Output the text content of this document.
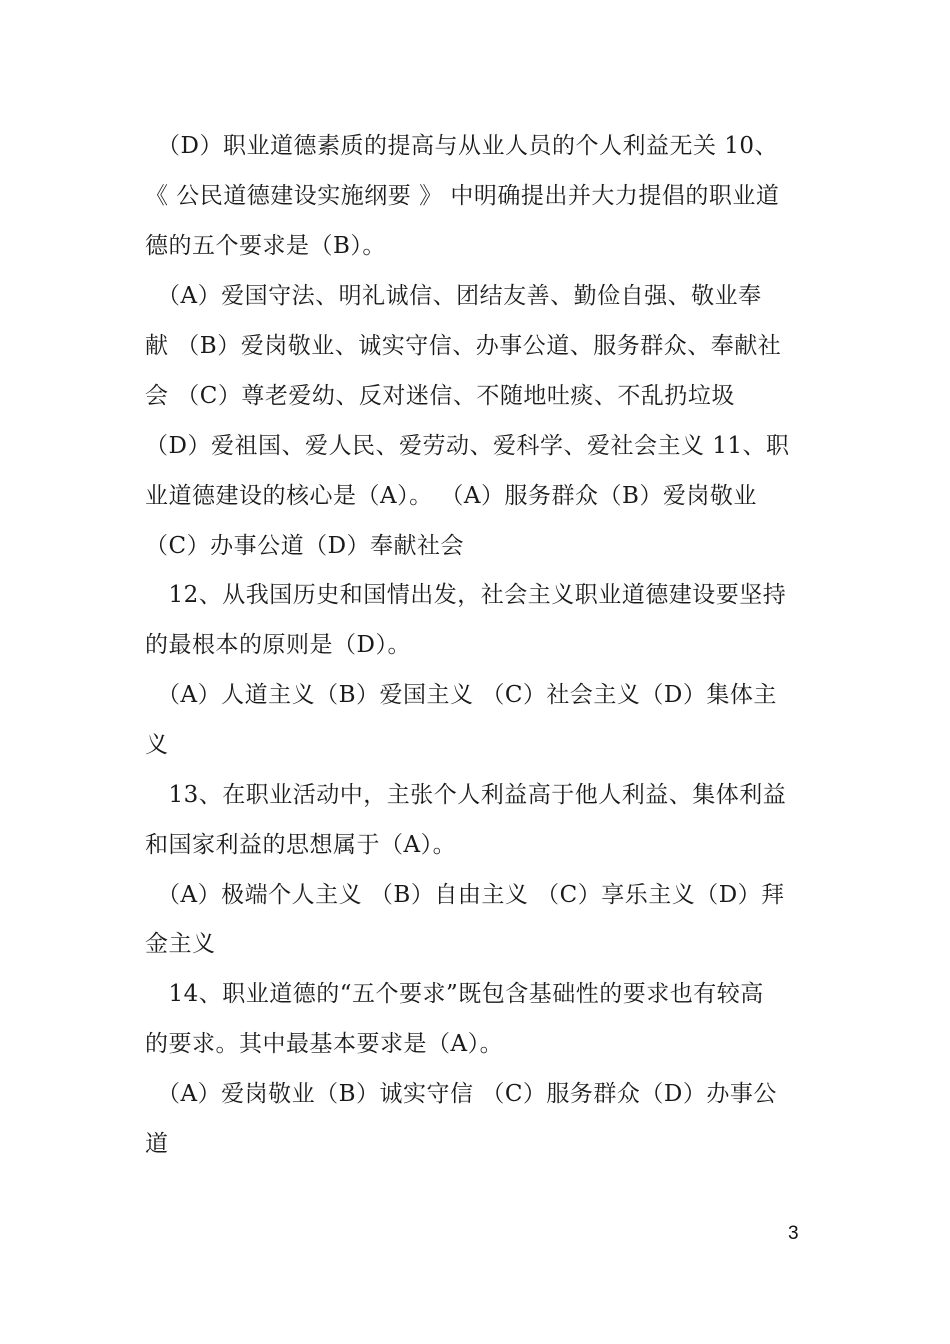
　（D）职业道德素质的提高与从业人员的个人利益无关 10、
《 公民道德建设实施纲要 》 中明确提出并大力提倡的职业道
德的五个要求是（B）。
　（A）爱国守法、明礼诚信、团结友善、勤俭自强、敬业奉
献 （B）爱岗敬业、诚实守信、办事公道、服务群众、奉献社
会 （C）尊老爱幼、反对迷信、不随地吐痰、不乱扔垃圾
（D）爱祖国、爱人民、爱劳动、爱科学、爱社会主义 11、职
业道德建设的核心是（A）。 （A）服务群众（B）爱岗敬业
（C）办事公道（D）奉献社会
　12、从我国历史和国情出发，社会主义职业道德建设要坚持
的最根本的原则是（D）。
　（A）人道主义（B）爱国主义 （C）社会主义（D）集体主
义
　13、在职业活动中，主张个人利益高于他人利益、集体利益
和国家利益的思想属于（A）。
　（A）极端个人主义 （B）自由主义 （C）享乐主义（D）拜
金主义
　14、职业道德的“五个要求”既包含基础性的要求也有较高
的要求。其中最基本要求是（A）。
　（A）爱岗敬业（B）诚实守信 （C）服务群众（D）办事公
道
3
